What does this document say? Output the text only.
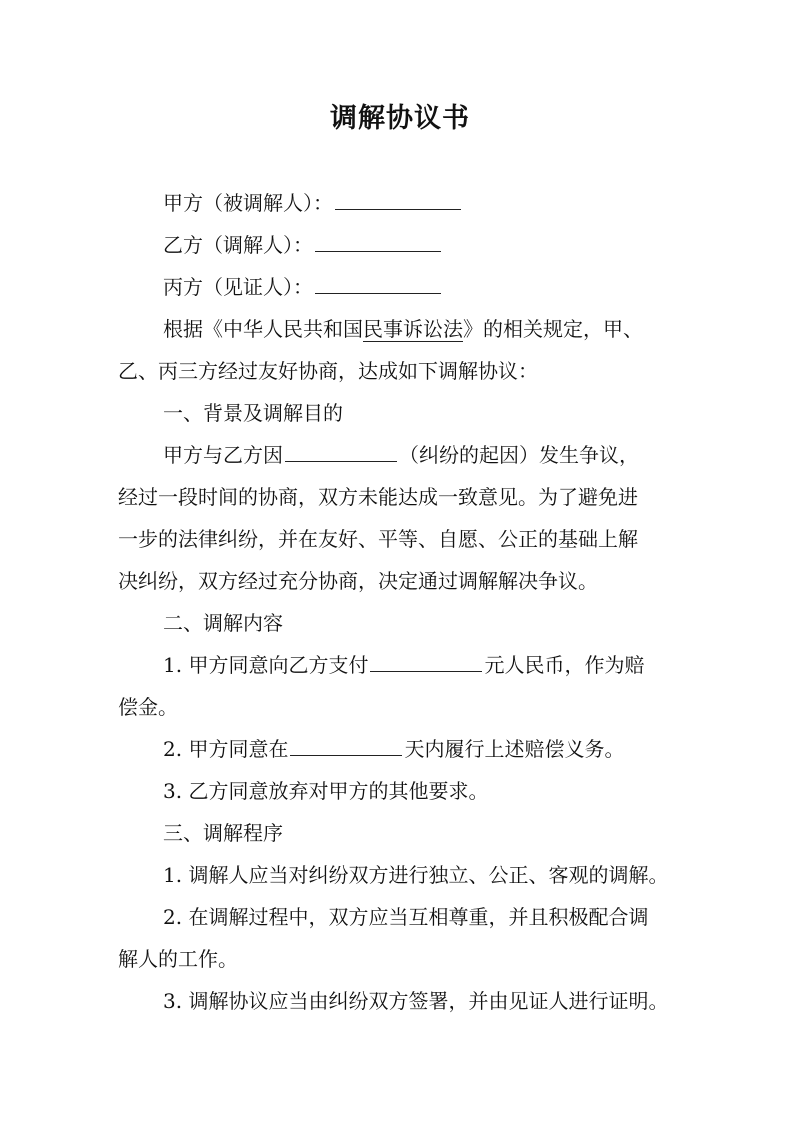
调解协议书
甲方（被调解人）：
乙方（调解人）：
丙方（见证人）：
根据《中华人民共和国民事诉讼法》的相关规定，甲、
乙、丙三方经过友好协商，达成如下调解协议：
一、背景及调解目的
甲方与乙方因	（纠纷的起因）发生争议，
经过一段时间的协商，双方未能达成一致意见。为了避免进
一步的法律纠纷，并在友好、平等、自愿、公正的基础上解
决纠纷，双方经过充分协商，决定通过调解解决争议。
二、调解内容
1. 甲方同意向乙方支付	元人民币，作为赔
偿金。
2. 甲方同意在	天内履行上述赔偿义务。
3. 乙方同意放弃对甲方的其他要求。
三、调解程序
1. 调解人应当对纠纷双方进行独立、公正、客观的调解。
2. 在调解过程中，双方应当互相尊重，并且积极配合调
解人的工作。
3. 调解协议应当由纠纷双方签署，并由见证人进行证明。
